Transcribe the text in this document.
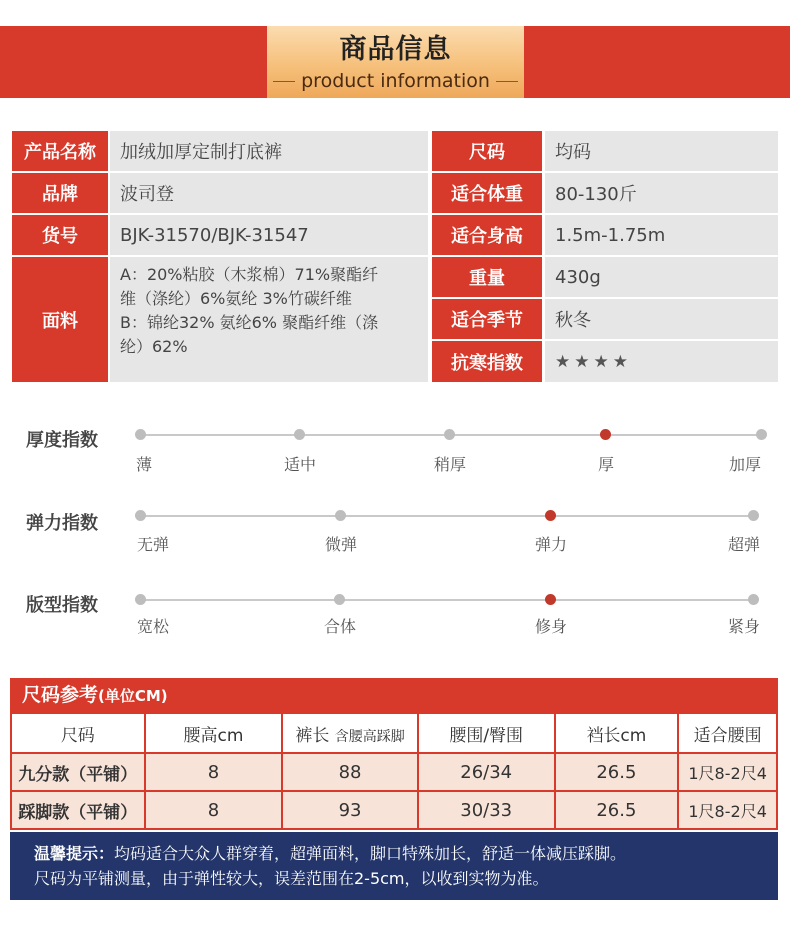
商品信息
product information
产品名称	加绒加厚定制打底裤
品牌	波司登
货号	BJK-31570/BJK-31547
面料
A：20%粘胶（木浆棉）71%聚酯纤
维（涤纶）6%氨纶 3%竹碳纤维
B：锦纶32% 氨纶6% 聚酯纤维（涤
纶）62%
尺码	均码
适合体重	80-130斤
适合身高	1.5m-1.75m
重量	430g
适合季节	秋冬
抗寒指数	★★★★
厚度指数
薄	适中	稍厚	厚	加厚
弹力指数
无弹	微弹	弹力	超弹
版型指数
宽松	合体	修身	紧身
尺码参考 (单位CM)
尺码	腰高cm	裤长 含腰高踩脚	腰围/臀围	裆长cm	适合腰围
九分款（平铺）	8	88	26/34	26.5	1尺8-2尺4
踩脚款（平铺）	8	93	30/33	26.5	1尺8-2尺4
温馨提示：均码适合大众人群穿着，超弹面料，脚口特殊加长，舒适一体减压踩脚。
尺码为平铺测量，由于弹性较大，误差范围在2-5cm，以收到实物为准。
